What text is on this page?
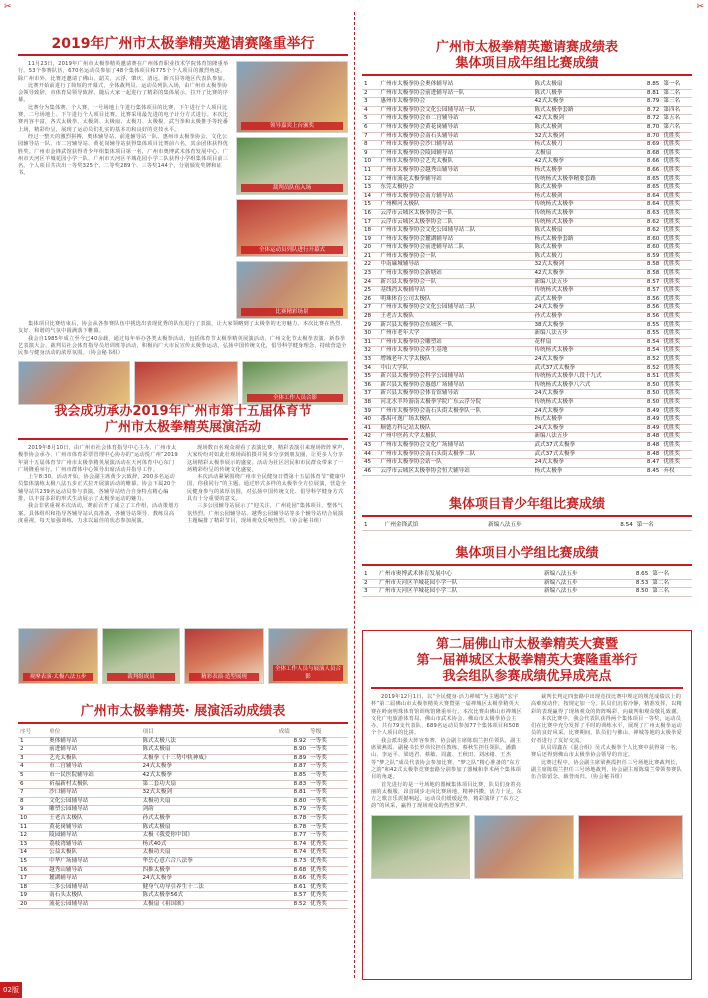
✂	✂
2019年广州市太极拳精英邀请赛隆重举行

11月23日，2019年广州市太极拳精英邀请赛在广州体育职业技术学院体育馆隆重举行。53个参赛队伍，670名运动员参加了48个集体项目和775个个人项目的激烈角逐。除广州市外，比赛还邀请了佛山、韶关、云浮、肇庆、清远、新兴县等地区代表队参加。

比赛开始前进行了简短的开幕式，全体裁判员、运动员列队入场，由广州市太极拳协会领导致辞，市体育局领导致辞。随后大家一起进行了精彩的集体展示，拉开了比赛的序幕。

比赛分为集体赛、个人赛，一号场地上午进行集体项目的比赛，下午进行个人项目比赛，二号场地上、下午进行个人项目比赛。比赛采用最先进的电子计分方式进行。本次比赛内容丰富，各式太极拳、太极剑、太极扇、太极刀、太极棍、武当拳和太极推手等轮番上场，精彩纷呈，展现了运动员们扎实的基本功和良好的竞技水平。

经过一整天的激烈拼搏，奥体辅导站、前进辅导站一队、惠州市太极拳协会、文化公园辅导站一队、市二宫辅导站、黄花岗辅导站获得集体项目比赛前六名，其余团体获得优胜奖。广州市金锋武馆获得青少年组集体项目第一名，广州市奥博武术体育发展中心、广州市天河区羊城花园小学一队、广州市天河区羊城花园小学二队获得小学组集体项目前三名。个人项目共决出一等奖325个、二等奖289个、三等奖144个，分别颁发奖牌和证书。

领导嘉宾上台颁奖
裁判员队伍入场
全体运动员列队进行开幕式
比赛精彩场景

集体项目比赛结束后，协会从各参赛队伍中挑选出表现优秀的队伍进行了表演，让大家领略到了太极拳的无穷魅力。本次比赛在热烈、友好、和谐的气氛中圆满落下帷幕。

我会自1985年成立至今已40余载，通过每年举办各类太极拳活动，包括体育节太极拳精英展演活动、广州文化节太极拳表演、新春拳艺表演大会、裁判员社会体育指导员培训班等活动，积极向广大市民宣传太极拳运动，弘扬中国传统文化，倡导科学健身理念，持续营造全民参与健身活动的浓厚氛围。（协会秘书组）

全体工作人员合影
我会成功承办2019年广州市第十五届体育节
广州市太极拳精英展演活动

2019年8月10日，由广州市社会体育指导中心主办、广州市太极拳协会承办、广州市体育彩票管理中心协办的“运动悦广州”2019年第十五届体育节广州市太极拳精英展演活动在天河体育中心东门广场隆重举行。广州市群体中心领导出席活动并指导工作。

上午8:30，活动开始，协会副主席黄少云致辞，200多名运动员集体演练太极八法五步正式拉开展演活动的帷幕。协会下属20个辅导站共239名运动员参与表演，各辅导站结合自身特点精心编排，以丰富多彩的形式生动展示了太极拳运动的魅力。

我会非常重视本次活动，赛前召开了成立了工作组，活动策划方案、具体组织和指导各辅导站认真准备，各辅导站领导、教练员高度重视，每天加强训练，力求以最佳的状态参加展演。

现场数百名观众观看了表演比赛，精彩表演引来现场阵阵掌声，大家纷纷对如此壮观场面拍摄并同步分享到朋友圈，让更多人分享这场精彩太极拳展示的盛宴。活动为社区居民和市民群众带来了一场精彩纷呈的传统文化盛宴。

本次活动紧紧围绕广州市全民健身日暨第十五届体育节“健康中国，你我同行”的主题，通过形式多样的太极拳全方位展演，营造全民健身参与的浓厚氛围，对弘扬中国传统文化、倡导科学健身方式具有十分重要的意义。

三多公园辅导站展示了“迎关注，广州花园”集体项目，整体气氛热烈。广州公园辅导站、越秀公园辅导站等多个辅导站结合展演主题编排了精彩节目，现场观众反响热烈。（协会秘书组）

观摩表演·太极八法五步	裁判组成员	精彩表演·造型展现
全体工作人员与展演人员合影
广州市太极拳精英· 展演活动成绩表
序号	单位	项目	成绩	等级
1	奥体辅导站	陈式太极八法	8.92	一等奖
2	前进辅导站	陈式太极扇	8.90	一等奖
3	艺光太极队	太极拳《十三势中轨神威》	8.89	一等奖
4	市二宫辅导站	24式太极拳	8.87	一等奖
5	市一民医院辅导站	42式太极拳	8.85	一等奖
6	祈福新村太极队	第二套功夫扇	8.83	一等奖
7	沙口辅导站	32式太极剑	8.81	一等奖
8	文化公园辅导站	太极功夫扇	8.80	一等奖
9	雕塑公园辅导站	剑韵	8.79	一等奖
10	王老吉太极队	孙式太极拳	8.78	一等奖
11	黄花岗辅导站	陈式太极扇	8.78	一等奖
12	陵园辅导站	太极《我爱你中国》	8.77	一等奖
13	荔枝湾辅导站	杨式40式	8.74	优秀奖
14	公益太极队	太极功夫扇	8.74	优秀奖
15	中华广场辅导站	华岳心意六合八法拳	8.73	优秀奖
16	越秀山辅导站	四推太极拳	8.68	优秀奖
17	麓湖辅导站	24式太极拳	8.66	优秀奖
18	三多公园辅导站	健身气功导引养生十二法	8.61	优秀奖
19	南石头太极队	陈式太极拳56式	8.57	优秀奖
20	流花公园辅导站	太极扇《祖国颂》	8.52	优秀奖
广州市太极拳精英邀请赛成绩表
集体项目成年组比赛成绩
1	广州市太极拳协会奥体辅导站	陈式太极扇	8.85	第一名
2	广州市太极拳协会前进辅导站一队	陈式八极拳	8.81	第二名
3	惠州市太极拳协会	42式太极拳	8.79	第三名
4	广州市太极拳协会文化公园辅导站一队	陈式太极拳套路	8.72	第四名
5	广州市太极拳协会市二宫辅导站	42式太极剑	8.72	第五名
6	广州市太极拳协会黄花岗辅导站	陈式太极剑	8.70	第六名
7	广州市太极拳协会南石头辅导站	32式太极剑	8.70	优胜奖
8	广州市太极拳协会沙口辅导站	杨式太极刀	8.69	优胜奖
9	广州市太极拳协会陵园辅导站	太极扇	8.68	优胜奖
10	广州市太极拳协会艺光太极队	42式太极拳	8.66	优胜奖
11	广州市太极拳协会越秀山辅导站	杨式太极拳	8.66	优胜奖
12	广州市流花太极拳辅导站	传统杨式太极拳精要套路	8.65	优胜奖
13	东莞太极协会	陈式太极拳	8.65	优胜奖
14	广州市太极拳协会南方辅导站	杨式太极剑	8.64	优胜奖
15	广州柳河太极队	传统杨式太极拳	8.64	优胜奖
16	云浮市云城区太极拳协会一队	传统杨式太极拳	8.63	优胜奖
17	云浮市云城区太极拳协会二队	传统杨式太极拳	8.62	优胜奖
18	广州市太极拳协会文化公园辅导站二队	陈式太极扇	8.62	优胜奖
19	广州市太极拳协会麓湖辅导站	杨式太极拳套路	8.60	优胜奖
20	广州市太极拳协会前进辅导站二队	陈式太极拳	8.60	优胜奖
21	广州市太极拳协会一队	陈式太极刀	8.59	优胜奖
22	中南廉城辅导站	32式太极剑	8.58	优胜奖
23	广州市太极拳协会新塘站	42式太极拳	8.58	优胜奖
24	新兴县太极拳协会一队	新编八法五步	8.57	优胜奖
25	基线湾太极辅导站	传统杨式太极拳	8.57	优胜奖
26	明珠体育公司太极队	武式太极拳	8.56	优胜奖
27	广州市太极拳协会文化公园辅导站三队	24式太极拳	8.56	优胜奖
28	王老吉太极队	孙式太极拳	8.56	优胜奖
29	新兴县太极拳协会东城区一队	38式太极拳	8.55	优胜奖
30	广州市老年大学	新编八法五步	8.55	优胜奖
31	广州市太极拳协会雕塑站	花样扇	8.54	优胜奖
32	广州市太极拳协会养生基地	传统杨式太极拳	8.54	优胜奖
33	增城老年大学太极队	24式太极拳	8.52	优胜奖
34	中山大学队	武式37式太极拳	8.52	优胜奖
35	新兴县太极拳协会科学公园辅导站	传统杨式太极拳八段十九式	8.51	优胜奖
36	新兴县太极拳协会惠德广场辅导站	传统杨式太极拳八六式	8.50	优胜奖
37	新兴县太极拳协会体育馆辅导站	24式太极拳	8.50	优胜奖
38	河北水羊羚游南太极拳学院广东云浮分院	传统杨式太极拳	8.50	优胜奖
39	广州市太极拳协会南石头街太极拳队一队	24式太极拳	8.49	优胜奖
40	番禺可逸广场太极队	杨式太极拳	8.49	优胜奖
41	顺德力科记站太极队	24式太极拳	8.49	优胜奖
42	广州中医药大学太极队	新编八法五步	8.48	优胜奖
43	广州市太极拳协会文化广场辅导站	武式37式太极拳	8.48	优胜奖
44	广州市太极拳协会南石头街太极拳二队	武式37式太极拳	8.48	优胜奖
45	广州市太极拳协会站一队	24式太极拳	8.47	优胜奖
46	云浮市云城区太极拳协会恒大辅导站	杨式太极拳	8.45	弃权
集体项目青少年组比赛成绩
1	广州金锋武馆	新编八法五步	8.54	第一名
集体项目小学组比赛成绩
1	广州市奥博武术体育发展中心	新编八法五步	8.65	第一名
2	广州市天河区羊城花园小学一队	新编八法五步	8.53	第二名
3	广州市天河区羊城花园小学二队	新编八法五步	8.50	第三名
第二届佛山市太极拳精英大赛暨
第一届禅城区太极拳精英大赛隆重举行
我会组队参赛成绩优异成亮点

2019年12月1日，以“全民健身·活力禅城”为主题的“宏宇杯”第二届佛山市太极拳精英大赛暨第一届禅城区太极拳精英大赛在岭南明珠体育馆训练馆隆重举行。本次比赛由佛山市禅城区文化广电旅游体育局、佛山市武术协会、佛山市太极拳协会主办。共有79支代表队、689名运动员参加77个集体项目和508个个人项目的比拼。

我会派出强大阵容参赛，协会副主席陈瑞兰担任领队，副主席梁燕霞、副秘书长罗伟仪担任教练，蔡秋生担任领队，潘勤山、李运平、梁逍君、蔡敏、周鑫、王秋田、刘冰绪、王杰等“梦之队”成员代表协会参加比赛。“梦之队”精心准备的“东方之韵”和42式太极拳竞赛套路分别参加了器械和拳术两个集体项目的角逐。

首先进行的是一号场地的器械集体项目比赛，队员们身着亮丽的太极服，昂首阔步走向比赛场地，精神抖擞，活力十足，东方之歌音乐震撼响起，运动员们缓缓起势，精彩演绎了“东方之韵”的风采，赢得了现场观众的热烈掌声。

裁判长判定四套路中出现竞技比赛中规定的规范成绩以上的高难度动作，按规定加一分。队员们沉着冷静，精准发挥，以精彩的表现赢得了现场观众的阵阵喝彩，向裁判和观众敬礼致谢。

本次比赛中，我会代表队获得两个集体项目一等奖，运动员们在比赛中充分发挥了平时的训练水平，展现了广州太极拳运动员的良好风采。比赛期间，队员们与佛山、禅城等地的太极拳爱好者进行了友好交流。

队员周鑫在《混合组》吴式太极拳个人比赛中获得第一名，赛后还得到佛山市太极拳协会领导的肯定。

比赛过程中，协会副主席梁燕霞担任三号场地比赛裁判长，副主席陈瑞兰担任三号场地裁判，协会副主席陈瑞兰带领参赛队伍合影留念，载誉而归。（协会秘书组）

02版
